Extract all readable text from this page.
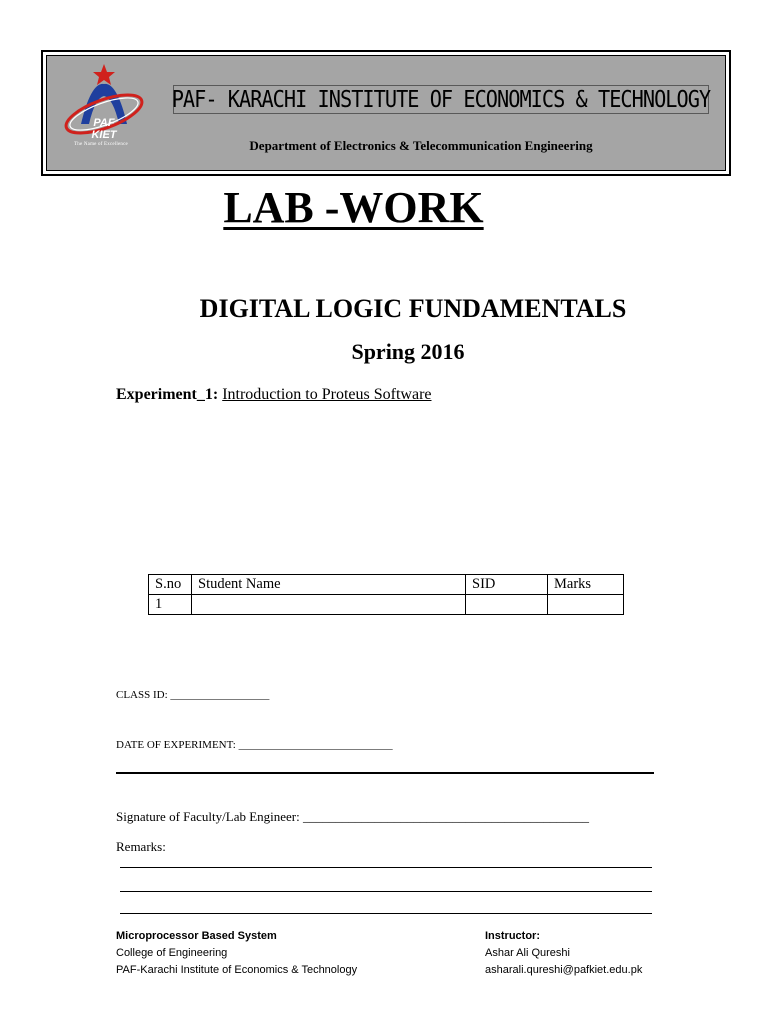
PAF
KIET
The Name of Excellence
PAF- KARACHI INSTITUTE OF ECONOMICS & TECHNOLOGY
Department of Electronics & Telecommunication Engineering
LAB -WORK
DIGITAL LOGIC FUNDAMENTALS
Spring 2016
Experiment_1: Introduction to Proteus Software
S.no	Student Name	SID	Marks
1			
CLASS ID: __________________
DATE OF EXPERIMENT: ____________________________
Signature of Faculty/Lab Engineer: ____________________________________________
Remarks:
Microprocessor Based System
College of Engineering
PAF-Karachi Institute of Economics & Technology
Instructor:
Ashar Ali Qureshi
asharali.qureshi@pafkiet.edu.pk
